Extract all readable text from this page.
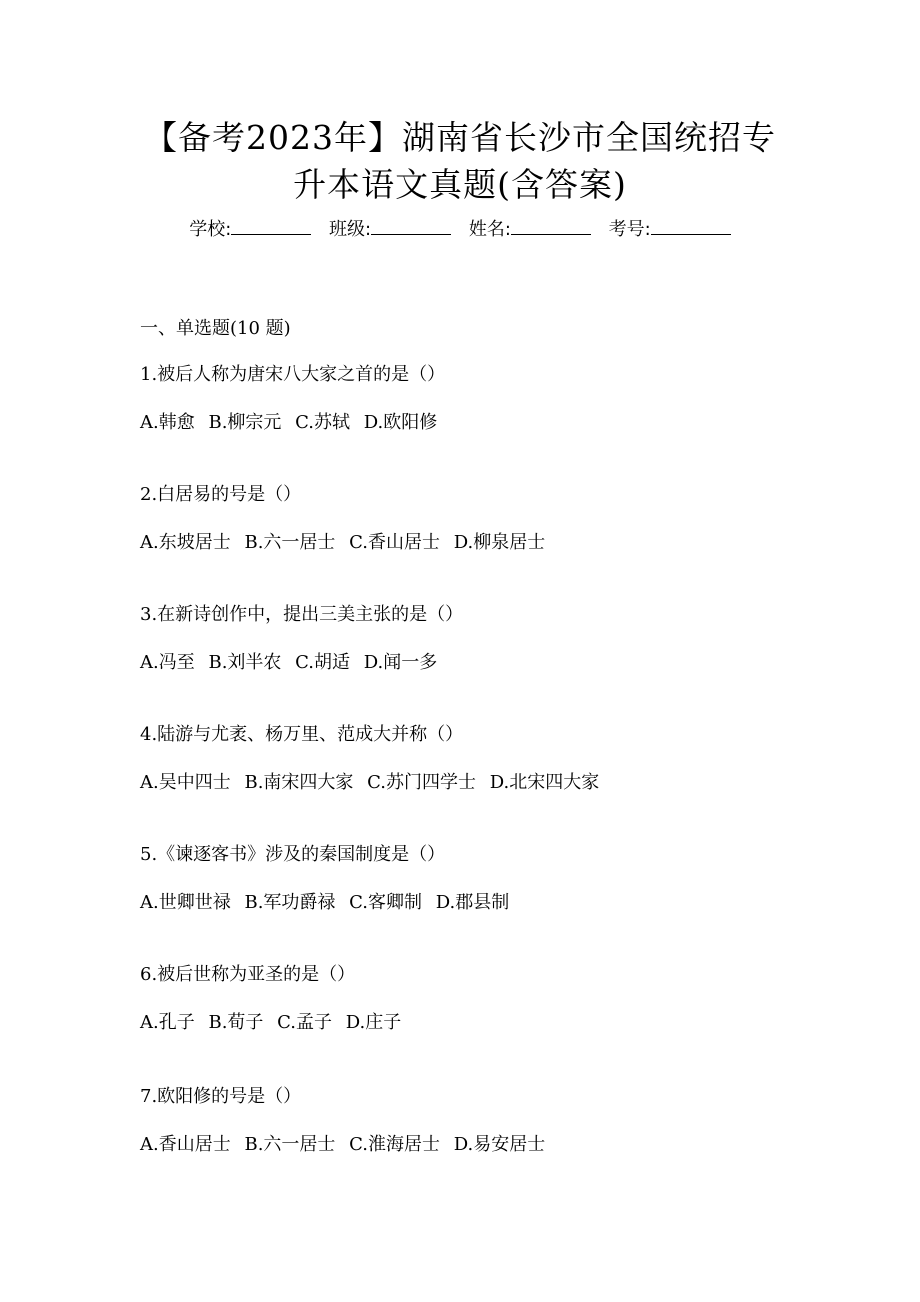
【备考2023年】湖南省长沙市全国统招专
升本语文真题(含答案)
学校:	班级:	姓名:	考号:
一、单选题(10 题)
1.被后人称为唐宋八大家之首的是（）
A.韩愈 B.柳宗元 C.苏轼 D.欧阳修
2.白居易的号是（）
A.东坡居士 B.六一居士 C.香山居士 D.柳泉居士
3.在新诗创作中，提出三美主张的是（）
A.冯至 B.刘半农 C.胡适 D.闻一多
4.陆游与尤袤、杨万里、范成大并称（）
A.吴中四士 B.南宋四大家 C.苏门四学士 D.北宋四大家
5.《谏逐客书》涉及的秦国制度是（）
A.世卿世禄 B.军功爵禄 C.客卿制 D.郡县制
6.被后世称为亚圣的是（）
A.孔子 B.荀子 C.孟子 D.庄子
7.欧阳修的号是（）
A.香山居士 B.六一居士 C.淮海居士 D.易安居士
